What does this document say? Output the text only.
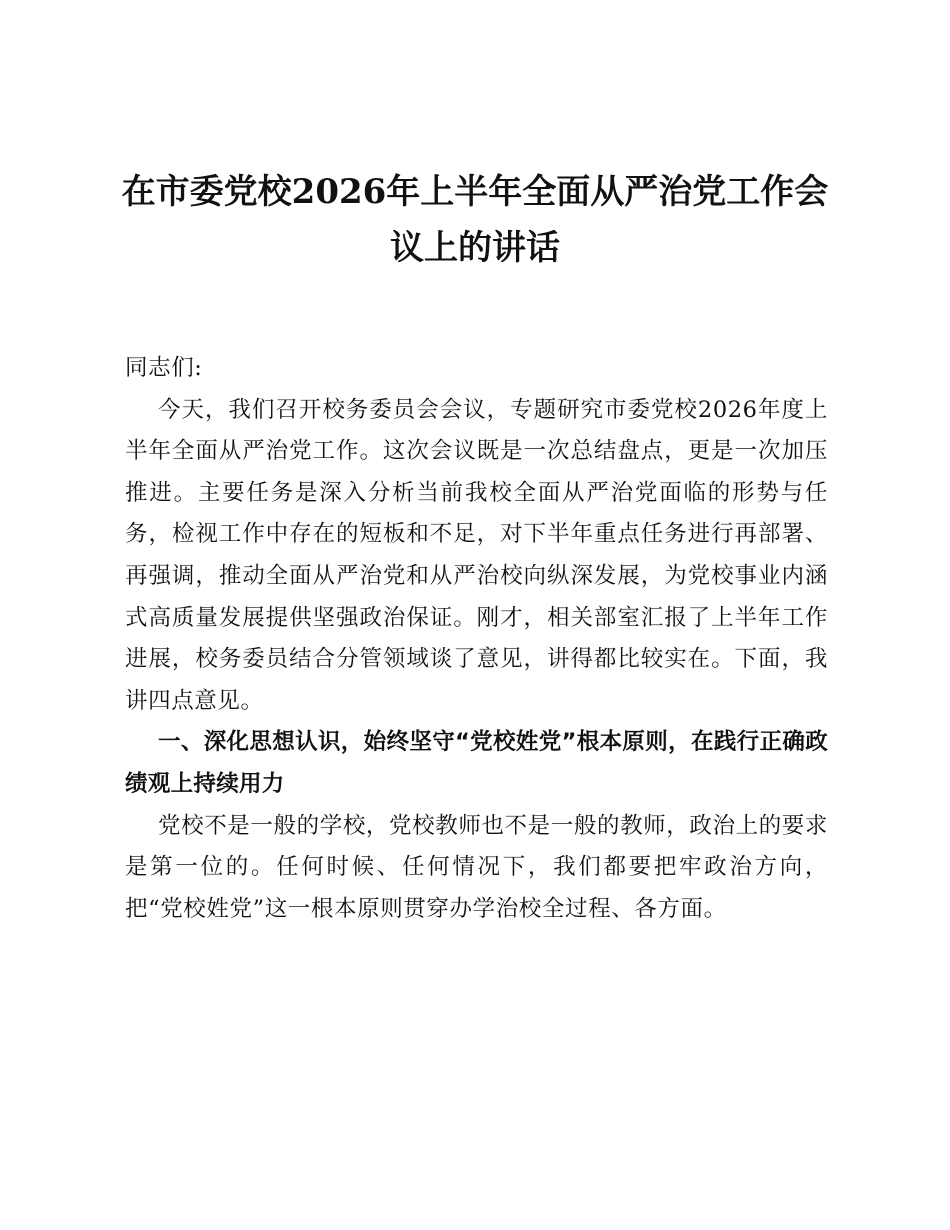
在市委党校2026年上半年全面从严治党工作会议上的讲话

同志们:

今天，我们召开校务委员会会议，专题研究市委党校2026年度上半年全面从严治党工作。这次会议既是一次总结盘点，更是一次加压推进。主要任务是深入分析当前我校全面从严治党面临的形势与任务，检视工作中存在的短板和不足，对下半年重点任务进行再部署、再强调，推动全面从严治党和从严治校向纵深发展，为党校事业内涵式高质量发展提供坚强政治保证。刚才，相关部室汇报了上半年工作进展，校务委员结合分管领域谈了意见，讲得都比较实在。下面，我讲四点意见。

一、深化思想认识，始终坚守“党校姓党”根本原则，在践行正确政绩观上持续用力

党校不是一般的学校，党校教师也不是一般的教师，政治上的要求是第一位的。任何时候、任何情况下，我们都要把牢政治方向，把“党校姓党”这一根本原则贯穿办学治校全过程、各方面。
